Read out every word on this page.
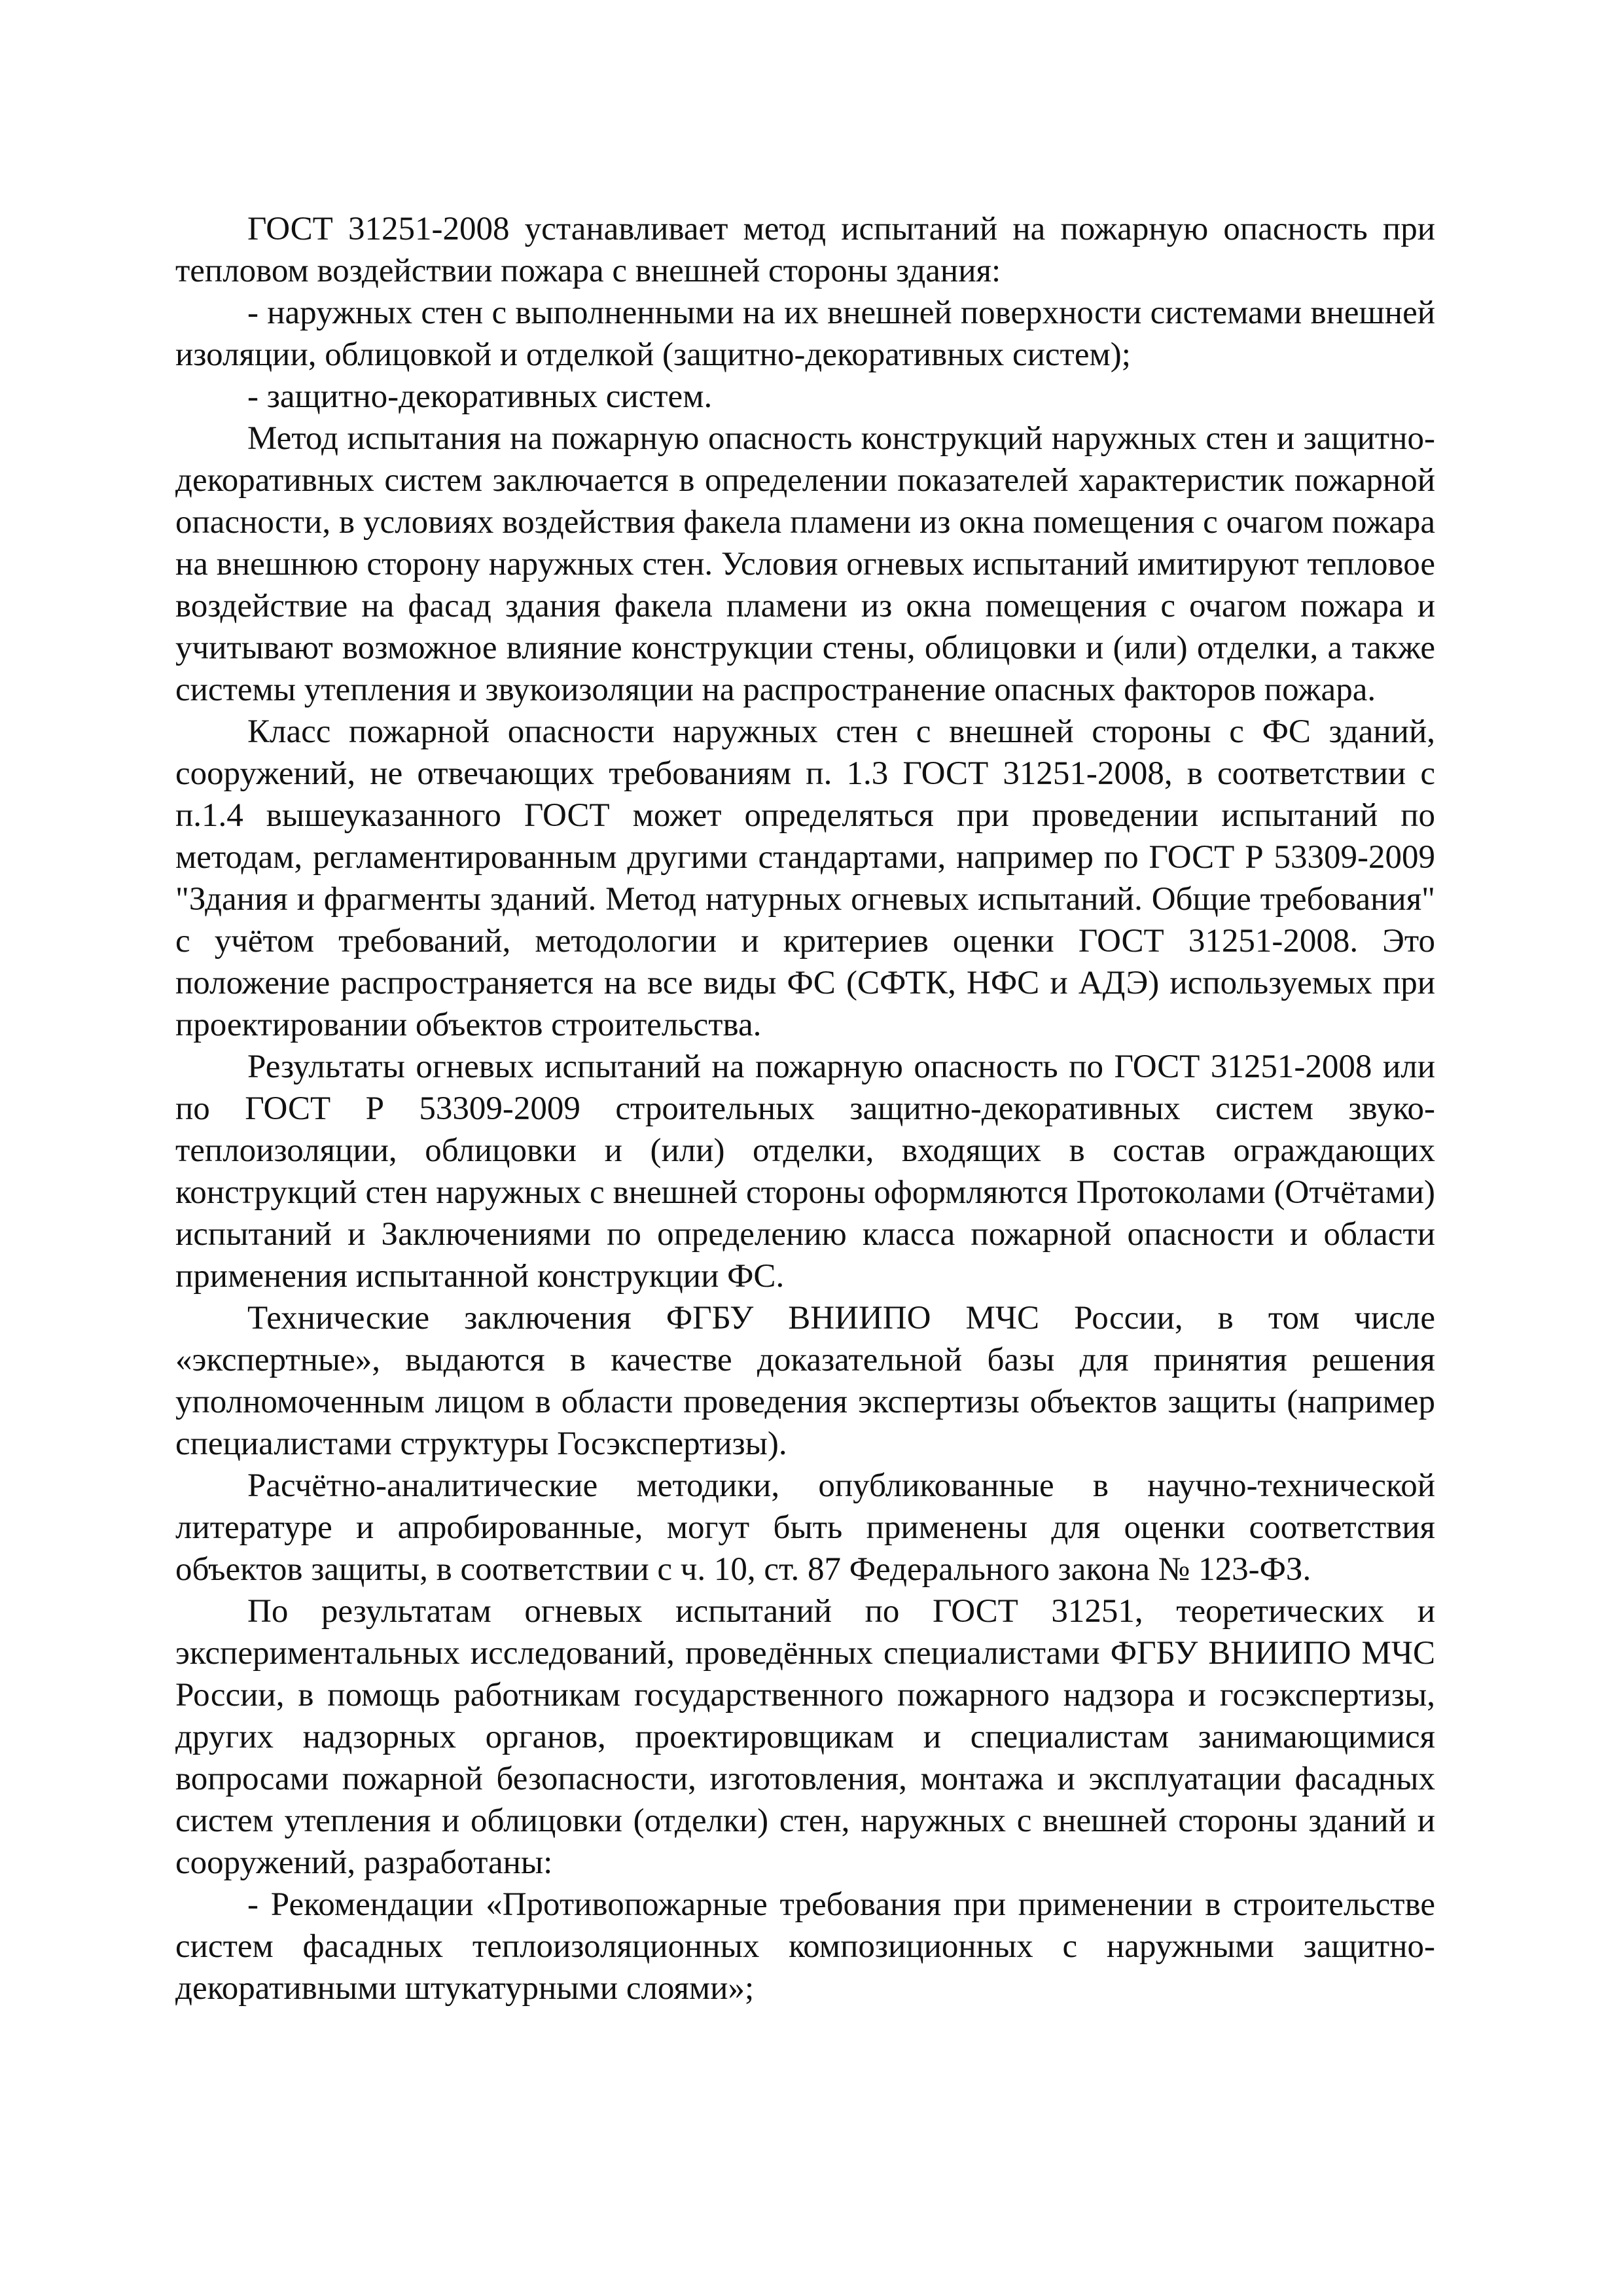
ГОСТ 31251-2008 устанавливает метод испытаний на пожарную опасность при тепловом воздействии пожара с внешней стороны здания:

- наружных стен с выполненными на их внешней поверхности системами внешней изоляции, облицовкой и отделкой (защитно-декоративных систем);

- защитно-декоративных систем.

Метод испытания на пожарную опасность конструкций наружных стен и защитно-декоративных систем заключается в определении показателей характеристик пожарной опасности, в условиях воздействия факела пламени из окна помещения с очагом пожара на внешнюю сторону наружных стен. Условия огневых испытаний имитируют тепловое воздействие на фасад здания факела пламени из окна помещения с очагом пожара и учитывают возможное влияние конструкции стены, облицовки и (или) отделки, а также системы утепления и звукоизоляции на распространение опасных факторов пожара.

Класс пожарной опасности наружных стен с внешней стороны с ФС зданий, сооружений, не отвечающих требованиям п. 1.3 ГОСТ 31251-2008, в соответствии с п.1.4 вышеуказанного ГОСТ может определяться при проведении испытаний по методам, регламентированным другими стандартами, например по ГОСТ Р 53309-2009 "Здания и фрагменты зданий. Метод натурных огневых испытаний. Общие требования" с учётом требований, методологии и критериев оценки ГОСТ 31251-2008. Это положение распространяется на все виды ФС (СФТК, НФС и АДЭ) используемых при проектировании объектов строительства.

Результаты огневых испытаний на пожарную опасность по ГОСТ 31251-2008 или по ГОСТ Р 53309-2009 строительных защитно-декоративных систем звуко-теплоизоляции, облицовки и (или) отделки, входящих в состав ограждающих конструкций стен наружных с внешней стороны оформляются Протоколами (Отчётами) испытаний и Заключениями по определению класса пожарной опасности и области применения испытанной конструкции ФС.

Технические заключения ФГБУ ВНИИПО МЧС России, в том числе «экспертные», выдаются в качестве доказательной базы для принятия решения уполномоченным лицом в области проведения экспертизы объектов защиты (например специалистами структуры Госэкспертизы).

Расчётно-аналитические методики, опубликованные в научно-технической литературе и апробированные, могут быть применены для оценки соответствия объектов защиты, в соответствии с ч. 10, ст. 87 Федерального закона № 123-ФЗ.

По результатам огневых испытаний по ГОСТ 31251, теоретических и экспериментальных исследований, проведённых специалистами ФГБУ ВНИИПО МЧС России, в помощь работникам государственного пожарного надзора и госэкспертизы, других надзорных органов, проектировщикам и специалистам занимающимися вопросами пожарной безопасности, изготовления, монтажа и эксплуатации фасадных систем утепления и облицовки (отделки) стен, наружных с внешней стороны зданий и сооружений, разработаны:

- Рекомендации «Противопожарные требования при применении в строительстве систем фасадных теплоизоляционных композиционных с наружными защитно-декоративными штукатурными слоями»;
